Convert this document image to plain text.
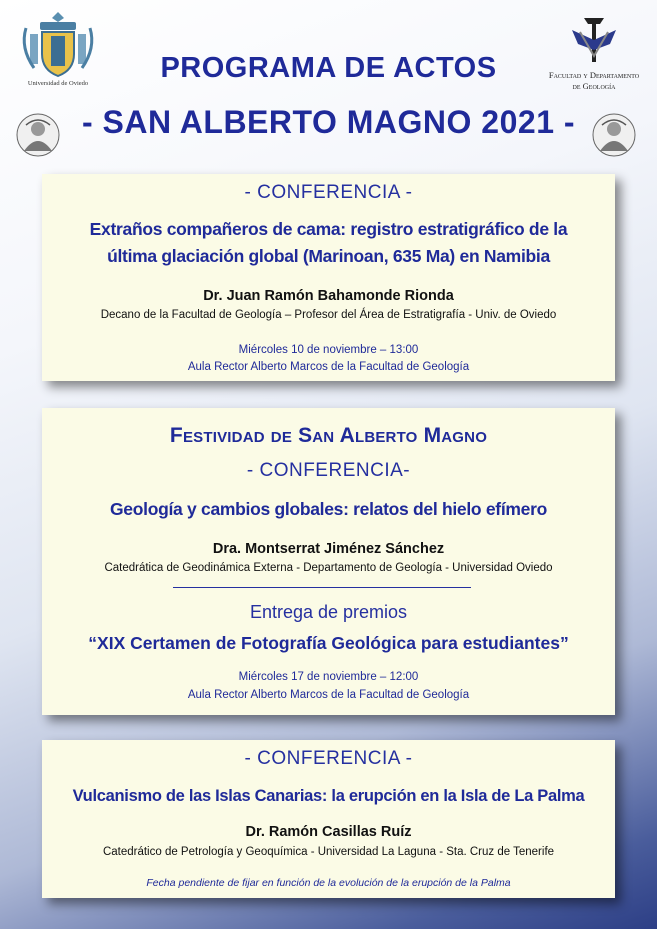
Universidad de Oviedo
Facultad y Departamento
de Geología
PROGRAMA DE ACTOS
- SAN ALBERTO MAGNO 2021 -
- CONFERENCIA -
Extraños compañeros de cama: registro estratigráfico de la
última glaciación global (Marinoan, 635 Ma) en Namibia
Dr. Juan Ramón Bahamonde Rionda
Decano de la Facultad de Geología – Profesor del Área de Estratigrafía - Univ. de Oviedo
Miércoles 10 de noviembre – 13:00
Aula Rector Alberto Marcos de la Facultad de Geología
Festividad de San Alberto Magno
- CONFERENCIA-
Geología y cambios globales: relatos del hielo efímero
Dra. Montserrat Jiménez Sánchez
Catedrática de Geodinámica Externa - Departamento de Geología - Universidad Oviedo
Entrega de premios
“XIX Certamen de Fotografía Geológica para estudiantes”
Miércoles 17 de noviembre – 12:00
Aula Rector Alberto Marcos de la Facultad de Geología
- CONFERENCIA -
Vulcanismo de las Islas Canarias: la erupción en la Isla de La Palma
Dr. Ramón Casillas Ruíz
Catedrático de Petrología y Geoquímica - Universidad La Laguna - Sta. Cruz de Tenerife
Fecha pendiente de fijar en función de la evolución de la erupción de la Palma
